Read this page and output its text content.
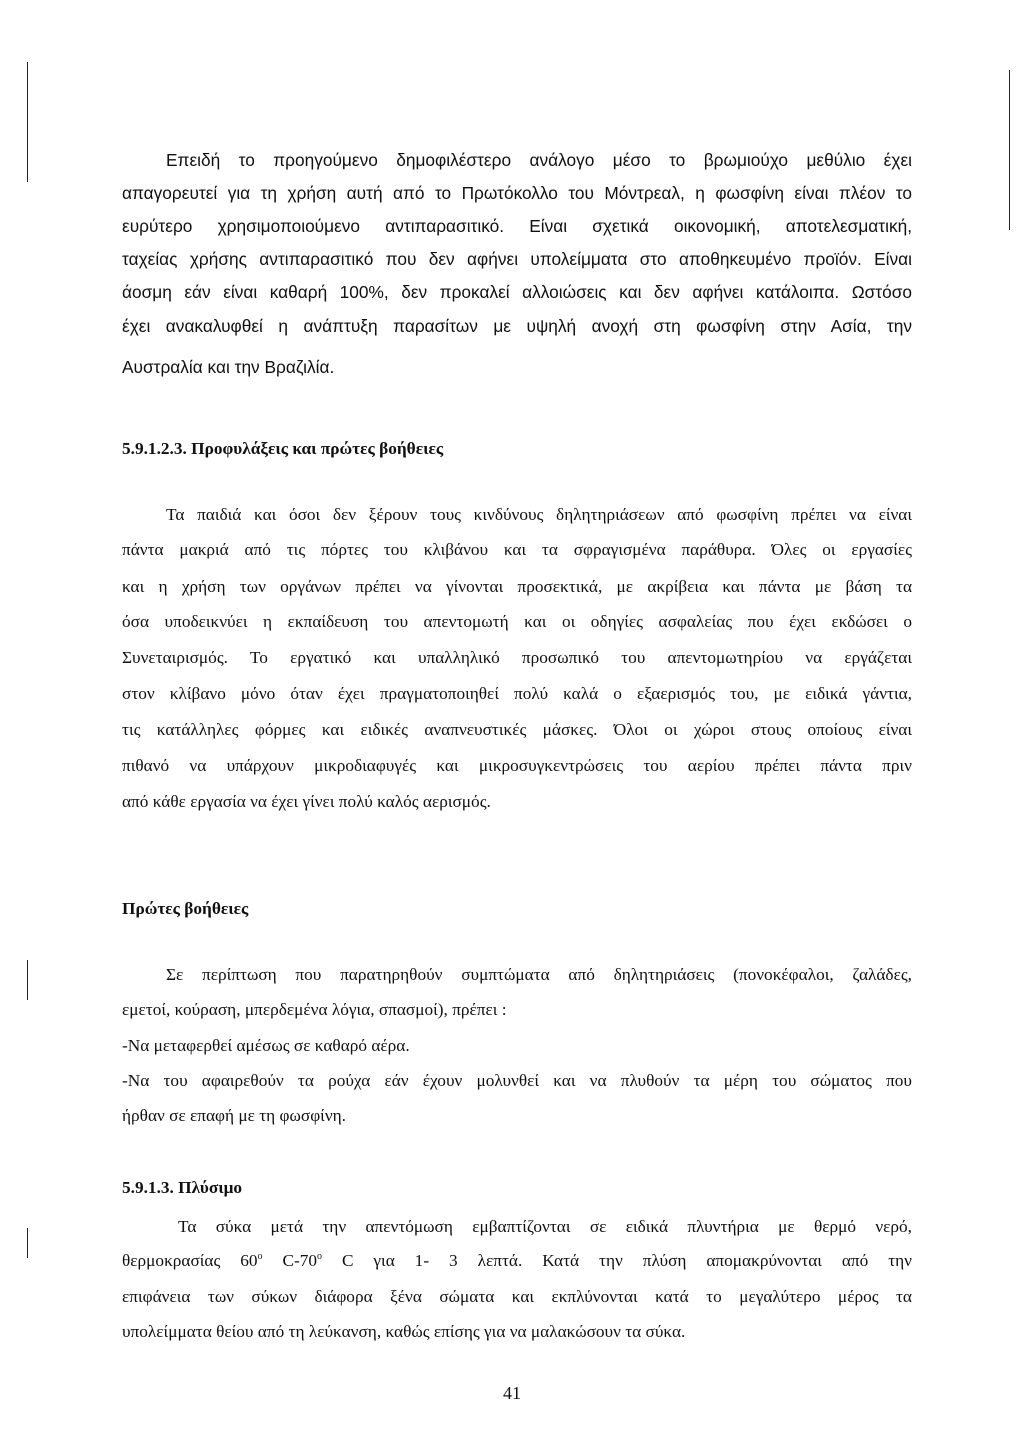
Επειδή το προηγούμενο δημοφιλέστερο ανάλογο μέσο το βρωμιούχο μεθύλιο έχει
απαγορευτεί για τη χρήση αυτή από το Πρωτόκολλο του Μόντρεαλ, η φωσφίνη είναι πλέον το
ευρύτερο χρησιμοποιούμενο αντιπαρασιτικό. Είναι σχετικά οικονομική, αποτελεσματική,
ταχείας χρήσης αντιπαρασιτικό που δεν αφήνει υπολείμματα στο αποθηκευμένο προϊόν. Είναι
άοσμη εάν είναι καθαρή 100%, δεν προκαλεί αλλοιώσεις και δεν αφήνει κατάλοιπα. Ωστόσο
έχει ανακαλυφθεί η ανάπτυξη παρασίτων με υψηλή ανοχή στη φωσφίνη στην Ασία, την
Αυστραλία και την Βραζιλία.
5.9.1.2.3. Προφυλάξεις και πρώτες βοήθειες
Τα παιδιά και όσοι δεν ξέρουν τους κινδύνους δηλητηριάσεων από φωσφίνη πρέπει να είναι
πάντα μακριά από τις πόρτες του κλιβάνου και τα σφραγισμένα παράθυρα. Όλες οι εργασίες
και η χρήση των οργάνων πρέπει να γίνονται προσεκτικά, με ακρίβεια και πάντα με βάση τα
όσα υποδεικνύει η εκπαίδευση του απεντομωτή και οι οδηγίες ασφαλείας που έχει εκδώσει ο
Συνεταιρισμός. Το εργατικό και υπαλληλικό προσωπικό του απεντομωτηρίου να εργάζεται
στον κλίβανο μόνο όταν έχει πραγματοποιηθεί πολύ καλά ο εξαερισμός του, με ειδικά γάντια,
τις κατάλληλες φόρμες και ειδικές αναπνευστικές μάσκες. Όλοι οι χώροι στους οποίους είναι
πιθανό να υπάρχουν μικροδιαφυγές και μικροσυγκεντρώσεις του αερίου πρέπει πάντα πριν
από κάθε εργασία να έχει γίνει πολύ καλός αερισμός.
Πρώτες βοήθειες
Σε περίπτωση που παρατηρηθούν συμπτώματα από δηλητηριάσεις (πονοκέφαλοι, ζαλάδες,
εμετοί, κούραση, μπερδεμένα λόγια, σπασμοί), πρέπει :
-Να μεταφερθεί αμέσως σε καθαρό αέρα.
-Να του αφαιρεθούν τα ρούχα εάν έχουν μολυνθεί και να πλυθούν τα μέρη του σώματος που
ήρθαν σε επαφή με τη φωσφίνη.
5.9.1.3. Πλύσιμο
Τα σύκα μετά την απεντόμωση εμβαπτίζονται σε ειδικά πλυντήρια με θερμό νερό,
θερμοκρασίας 60$^o$ C-70$^o$ C για 1- 3 λεπτά. Κατά την πλύση απομακρύνονται από την
επιφάνεια των σύκων διάφορα ξένα σώματα και εκπλύνονται κατά το μεγαλύτερο μέρος τα
υπολείμματα θείου από τη λεύκανση, καθώς επίσης για να μαλακώσουν τα σύκα.
41
